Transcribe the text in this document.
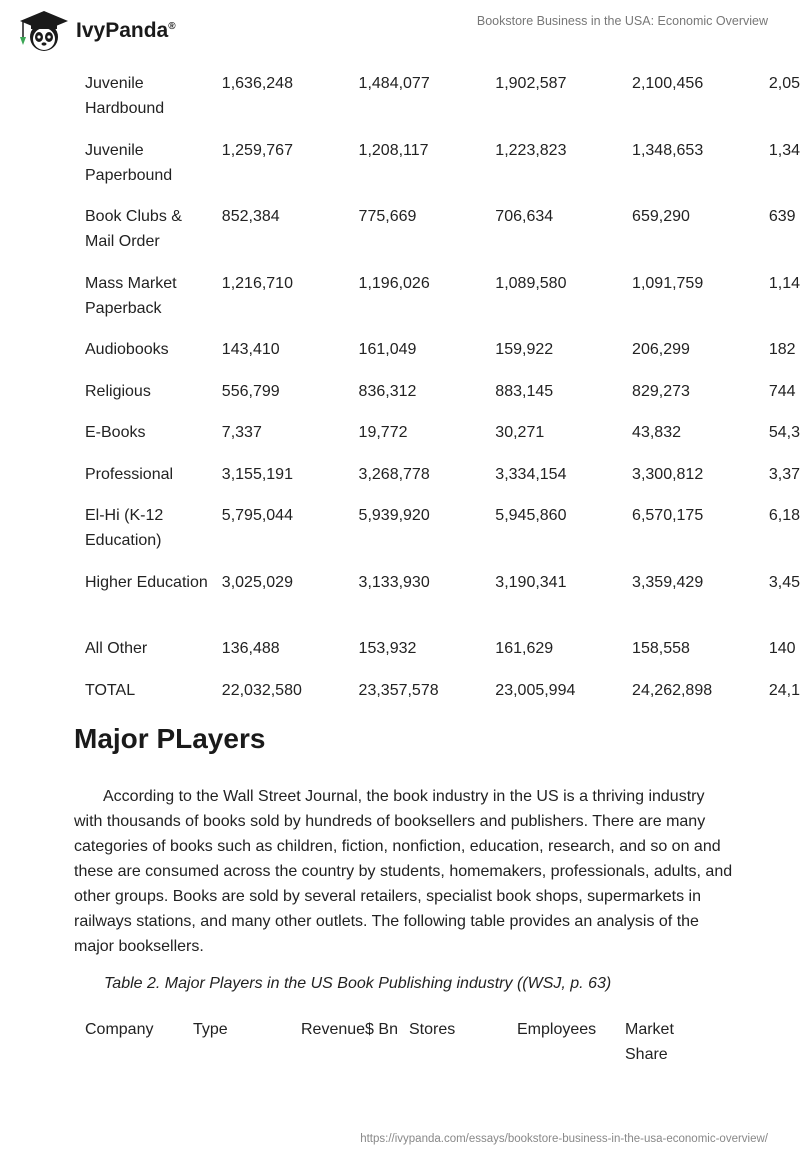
IvyPanda®	Bookstore Business in the USA: Economic Overview
Juvenile Hardbound	1,636,248	1,484,077	1,902,587	2,100,456	2,05

Juvenile Paperbound	1,259,767	1,208,117	1,223,823	1,348,653	1,34

Book Clubs & Mail Order	852,384	775,669	706,634	659,290	639

Mass Market Paperback	1,216,710	1,196,026	1,089,580	1,091,759	1,14

Audiobooks	143,410	161,049	159,922	206,299	182

Religious	556,799	836,312	883,145	829,273	744

E-Books	7,337	19,772	30,271	43,832	54,3

Professional	3,155,191	3,268,778	3,334,154	3,300,812	3,37

El-Hi (K-12 Education)	5,795,044	5,939,920	5,945,860	6,570,175	6,18

Higher Education	3,025,029	3,133,930	3,190,341	3,359,429	3,45

All Other	136,488	153,932	161,629	158,558	140

TOTAL	22,032,580	23,357,578	23,005,994	24,262,898	24,1
Major PLayers

According to the Wall Street Journal, the book industry in the US is a thriving industry with thousands of books sold by hundreds of booksellers and publishers. There are many categories of books such as children, fiction, nonfiction, education, research, and so on and these are consumed across the country by students, homemakers, professionals, adults, and other groups. Books are sold by several retailers, specialist book shops, supermarkets in railways stations, and many other outlets. The following table provides an analysis of the major booksellers.

Table 2. Major Players in the US Book Publishing industry ((WSJ, p. 63)

Company	Type	Revenue$ Bn	Stores	Employees	Market Share
https://ivypanda.com/essays/bookstore-business-in-the-usa-economic-overview/
